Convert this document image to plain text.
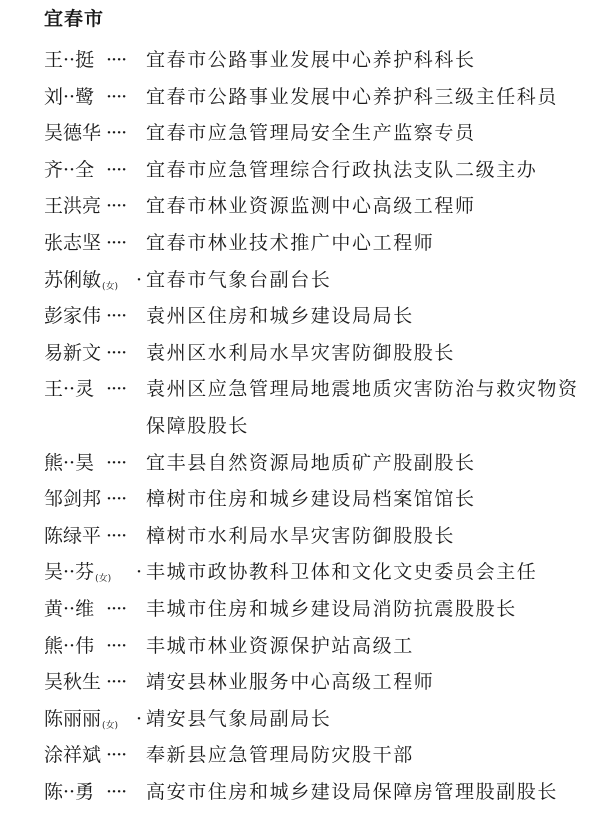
宜春市
王··挺 ···· 宜春市公路事业发展中心养护科科长
刘··鹭 ···· 宜春市公路事业发展中心养护科三级主任科员
吴德华 ···· 宜春市应急管理局安全生产监察专员
齐··全 ···· 宜春市应急管理综合行政执法支队二级主办
王洪亮 ···· 宜春市林业资源监测中心高级工程师
张志坚 ···· 宜春市林业技术推广中心工程师
苏俐敏(女) · 宜春市气象台副台长
彭家伟 ···· 袁州区住房和城乡建设局局长
易新文 ···· 袁州区水利局水旱灾害防御股股长
王··灵 ···· 袁州区应急管理局地震地质灾害防治与救灾物资保障股股长
熊··昊 ···· 宜丰县自然资源局地质矿产股副股长
邹剑邦 ···· 樟树市住房和城乡建设局档案馆馆长
陈绿平 ···· 樟树市水利局水旱灾害防御股股长
吴··芬(女) · 丰城市政协教科卫体和文化文史委员会主任
黄··维 ···· 丰城市住房和城乡建设局消防抗震股股长
熊··伟 ···· 丰城市林业资源保护站高级工
吴秋生 ···· 靖安县林业服务中心高级工程师
陈丽丽(女) · 靖安县气象局副局长
涂祥斌 ···· 奉新县应急管理局防灾股干部
陈··勇 ···· 高安市住房和城乡建设局保障房管理股副股长
